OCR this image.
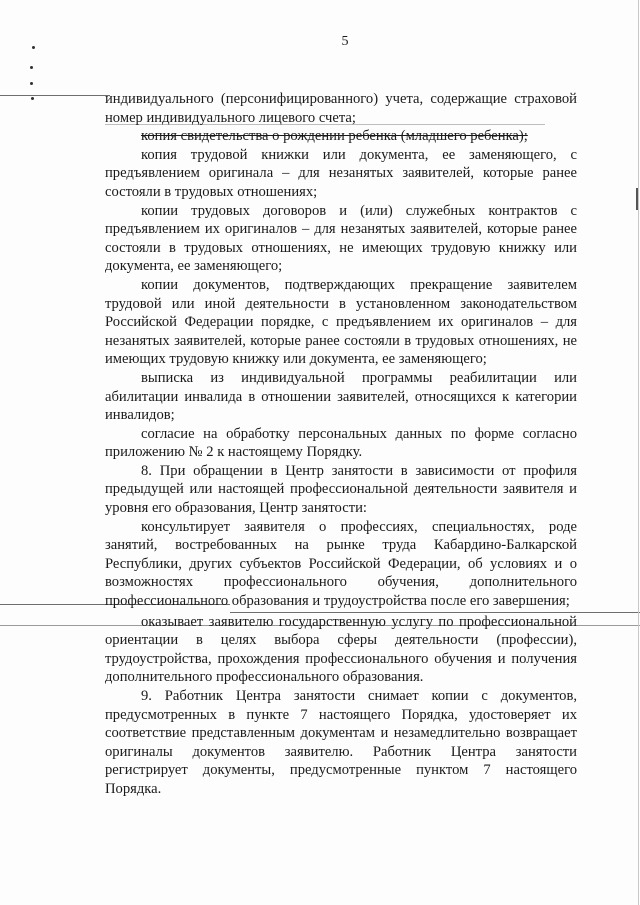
5

индивидуального (персонифицированного) учета, содержащие страховой номер индивидуального лицевого счета;

копия свидетельства о рождении ребенка (младшего ребенка);

копия трудовой книжки или документа, ее заменяющего, с предъявлением оригинала – для незанятых заявителей, которые ранее состояли в трудовых отношениях;

копии трудовых договоров и (или) служебных контрактов с предъявлением их оригиналов – для незанятых заявителей, которые ранее состояли в трудовых отношениях, не имеющих трудовую книжку или документа, ее заменяющего;

копии документов, подтверждающих прекращение заявителем трудовой или иной деятельности в установленном законодательством Российской Федерации порядке, с предъявлением их оригиналов – для незанятых заявителей, которые ранее состояли в трудовых отношениях, не имеющих трудовую книжку или документа, ее заменяющего;

выписка из индивидуальной программы реабилитации или абилитации инвалида в отношении заявителей, относящихся к категории инвалидов;

согласие на обработку персональных данных по форме согласно приложению № 2 к настоящему Порядку.

8. При обращении в Центр занятости в зависимости от профиля предыдущей или настоящей профессиональной деятельности заявителя и уровня его образования, Центр занятости:

консультирует заявителя о профессиях, специальностях, роде занятий, востребованных на рынке труда Кабардино-Балкарской Республики, других субъектов Российской Федерации, об условиях и о возможностях профессионального обучения, дополнительного профессионального образования и трудоустройства после его завершения;

оказывает заявителю государственную услугу по профессиональной ориентации в целях выбора сферы деятельности (профессии), трудоустройства, прохождения профессионального обучения и получения дополнительного профессионального образования.

9. Работник Центра занятости снимает копии с документов, предусмотренных в пункте 7 настоящего Порядка, удостоверяет их соответствие представленным документам и незамедлительно возвращает оригиналы документов заявителю. Работник Центра занятости регистрирует документы, предусмотренные пунктом 7 настоящего Порядка.
